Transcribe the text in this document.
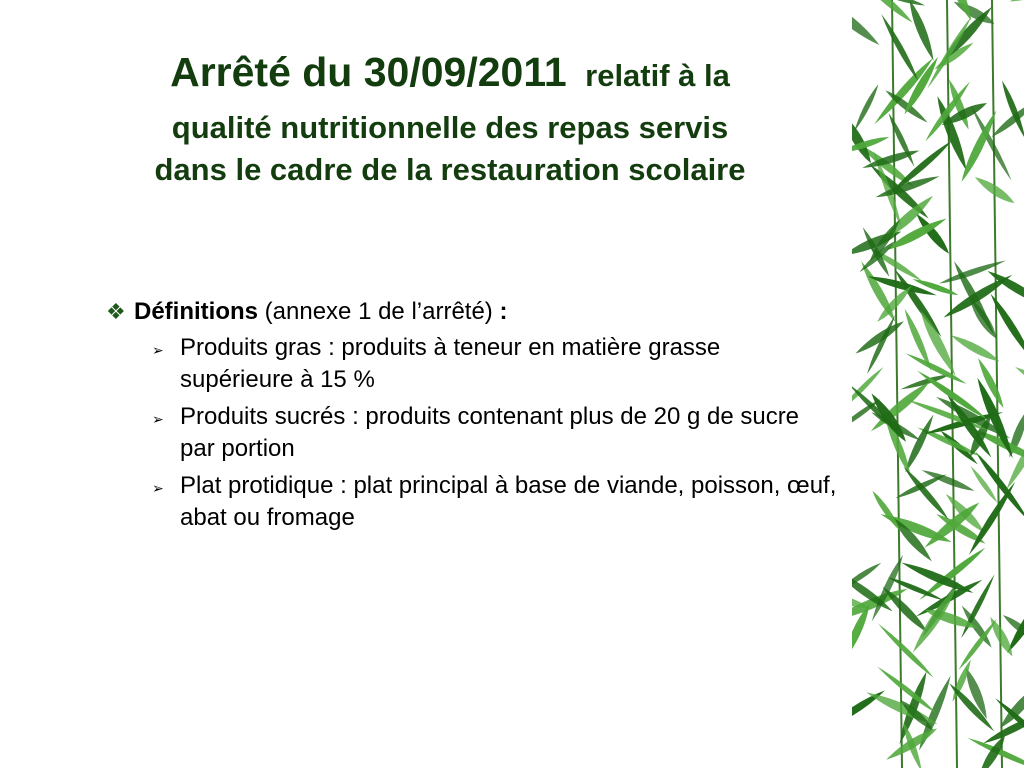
Arrêté du 30/09/2011 relatif à la
qualité nutritionnelle des repas servis
dans le cadre de la restauration scolaire
❖ Définitions (annexe 1 de l’arrêté) :
➢ Produits gras : produits à teneur en matière grasse supérieure à 15 %
➢ Produits sucrés : produits contenant plus de 20 g de sucre par portion
➢ Plat protidique : plat principal à base de viande, poisson, œuf, abat ou fromage
